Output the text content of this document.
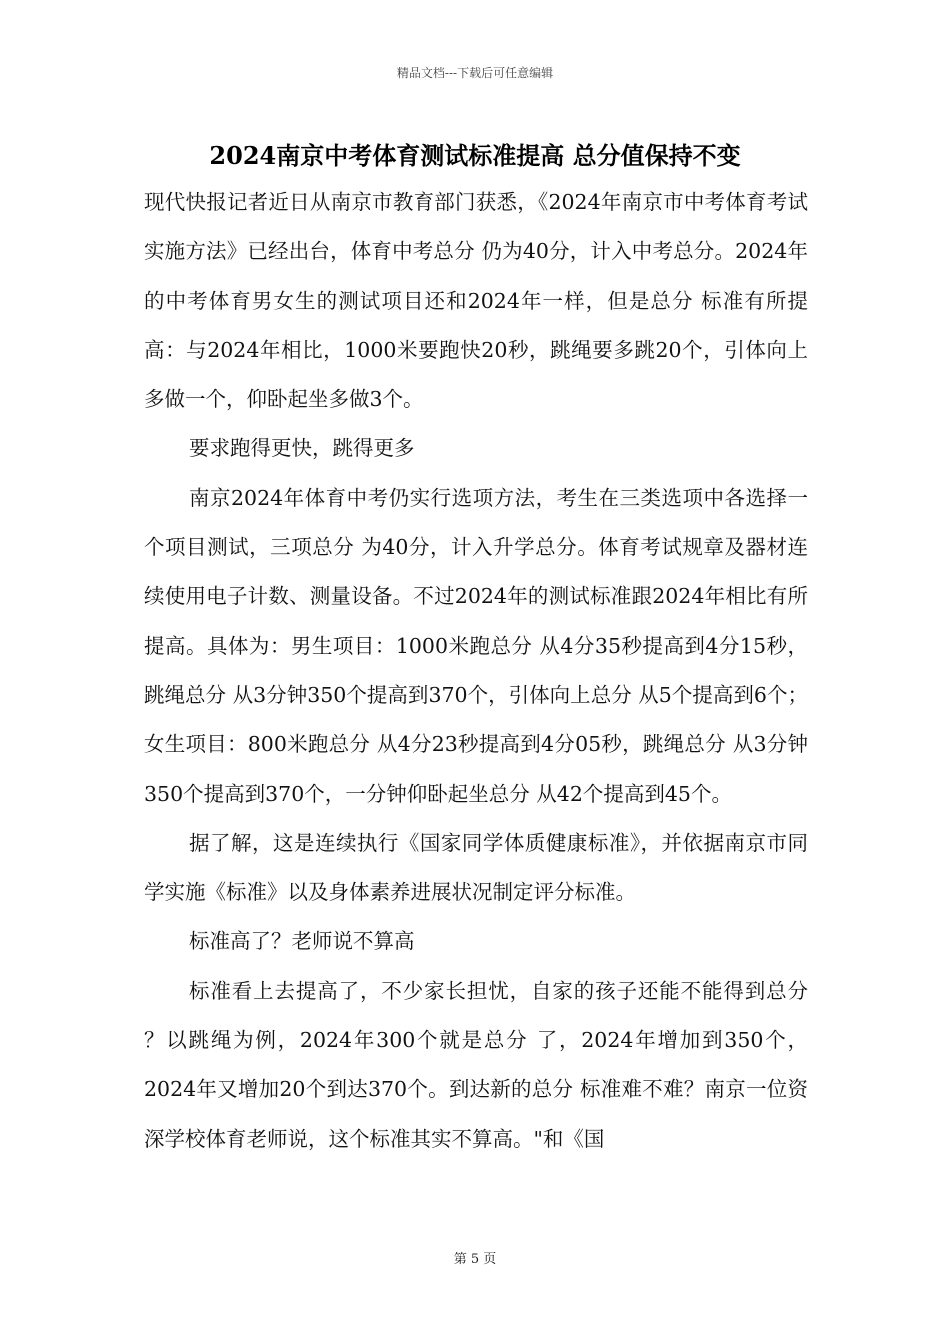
精品文档---下载后可任意编辑
2024南京中考体育测试标准提高 总分值保持不变

现代快报记者近日从南京市教育部门获悉，《2024年南京市中考体育考试实施方法》已经出台，体育中考总分 仍为40分，计入中考总分。2024年的中考体育男女生的测试项目还和2024年一样，但是总分 标准有所提高：与2024年相比，1000米要跑快20秒，跳绳要多跳20个，引体向上多做一个，仰卧起坐多做3个。

要求跑得更快，跳得更多

南京2024年体育中考仍实行选项方法，考生在三类选项中各选择一个项目测试，三项总分 为40分，计入升学总分。体育考试规章及器材连续使用电子计数、测量设备。不过2024年的测试标准跟2024年相比有所提高。具体为：男生项目：1000米跑总分 从4分35秒提高到4分15秒，跳绳总分 从3分钟350个提高到370个，引体向上总分 从5个提高到6个；女生项目：800米跑总分 从4分23秒提高到4分05秒，跳绳总分 从3分钟350个提高到370个，一分钟仰卧起坐总分 从42个提高到45个。

据了解，这是连续执行《国家同学体质健康标准》，并依据南京市同学实施《标准》以及身体素养进展状况制定评分标准。

标准高了？老师说不算高

标准看上去提高了，不少家长担忧，自家的孩子还能不能得到总分 ？以跳绳为例，2024年300个就是总分 了，2024年增加到350个，2024年又增加20个到达370个。到达新的总分 标准难不难？南京一位资深学校体育老师说，这个标准其实不算高。"和《国

第 5 页
